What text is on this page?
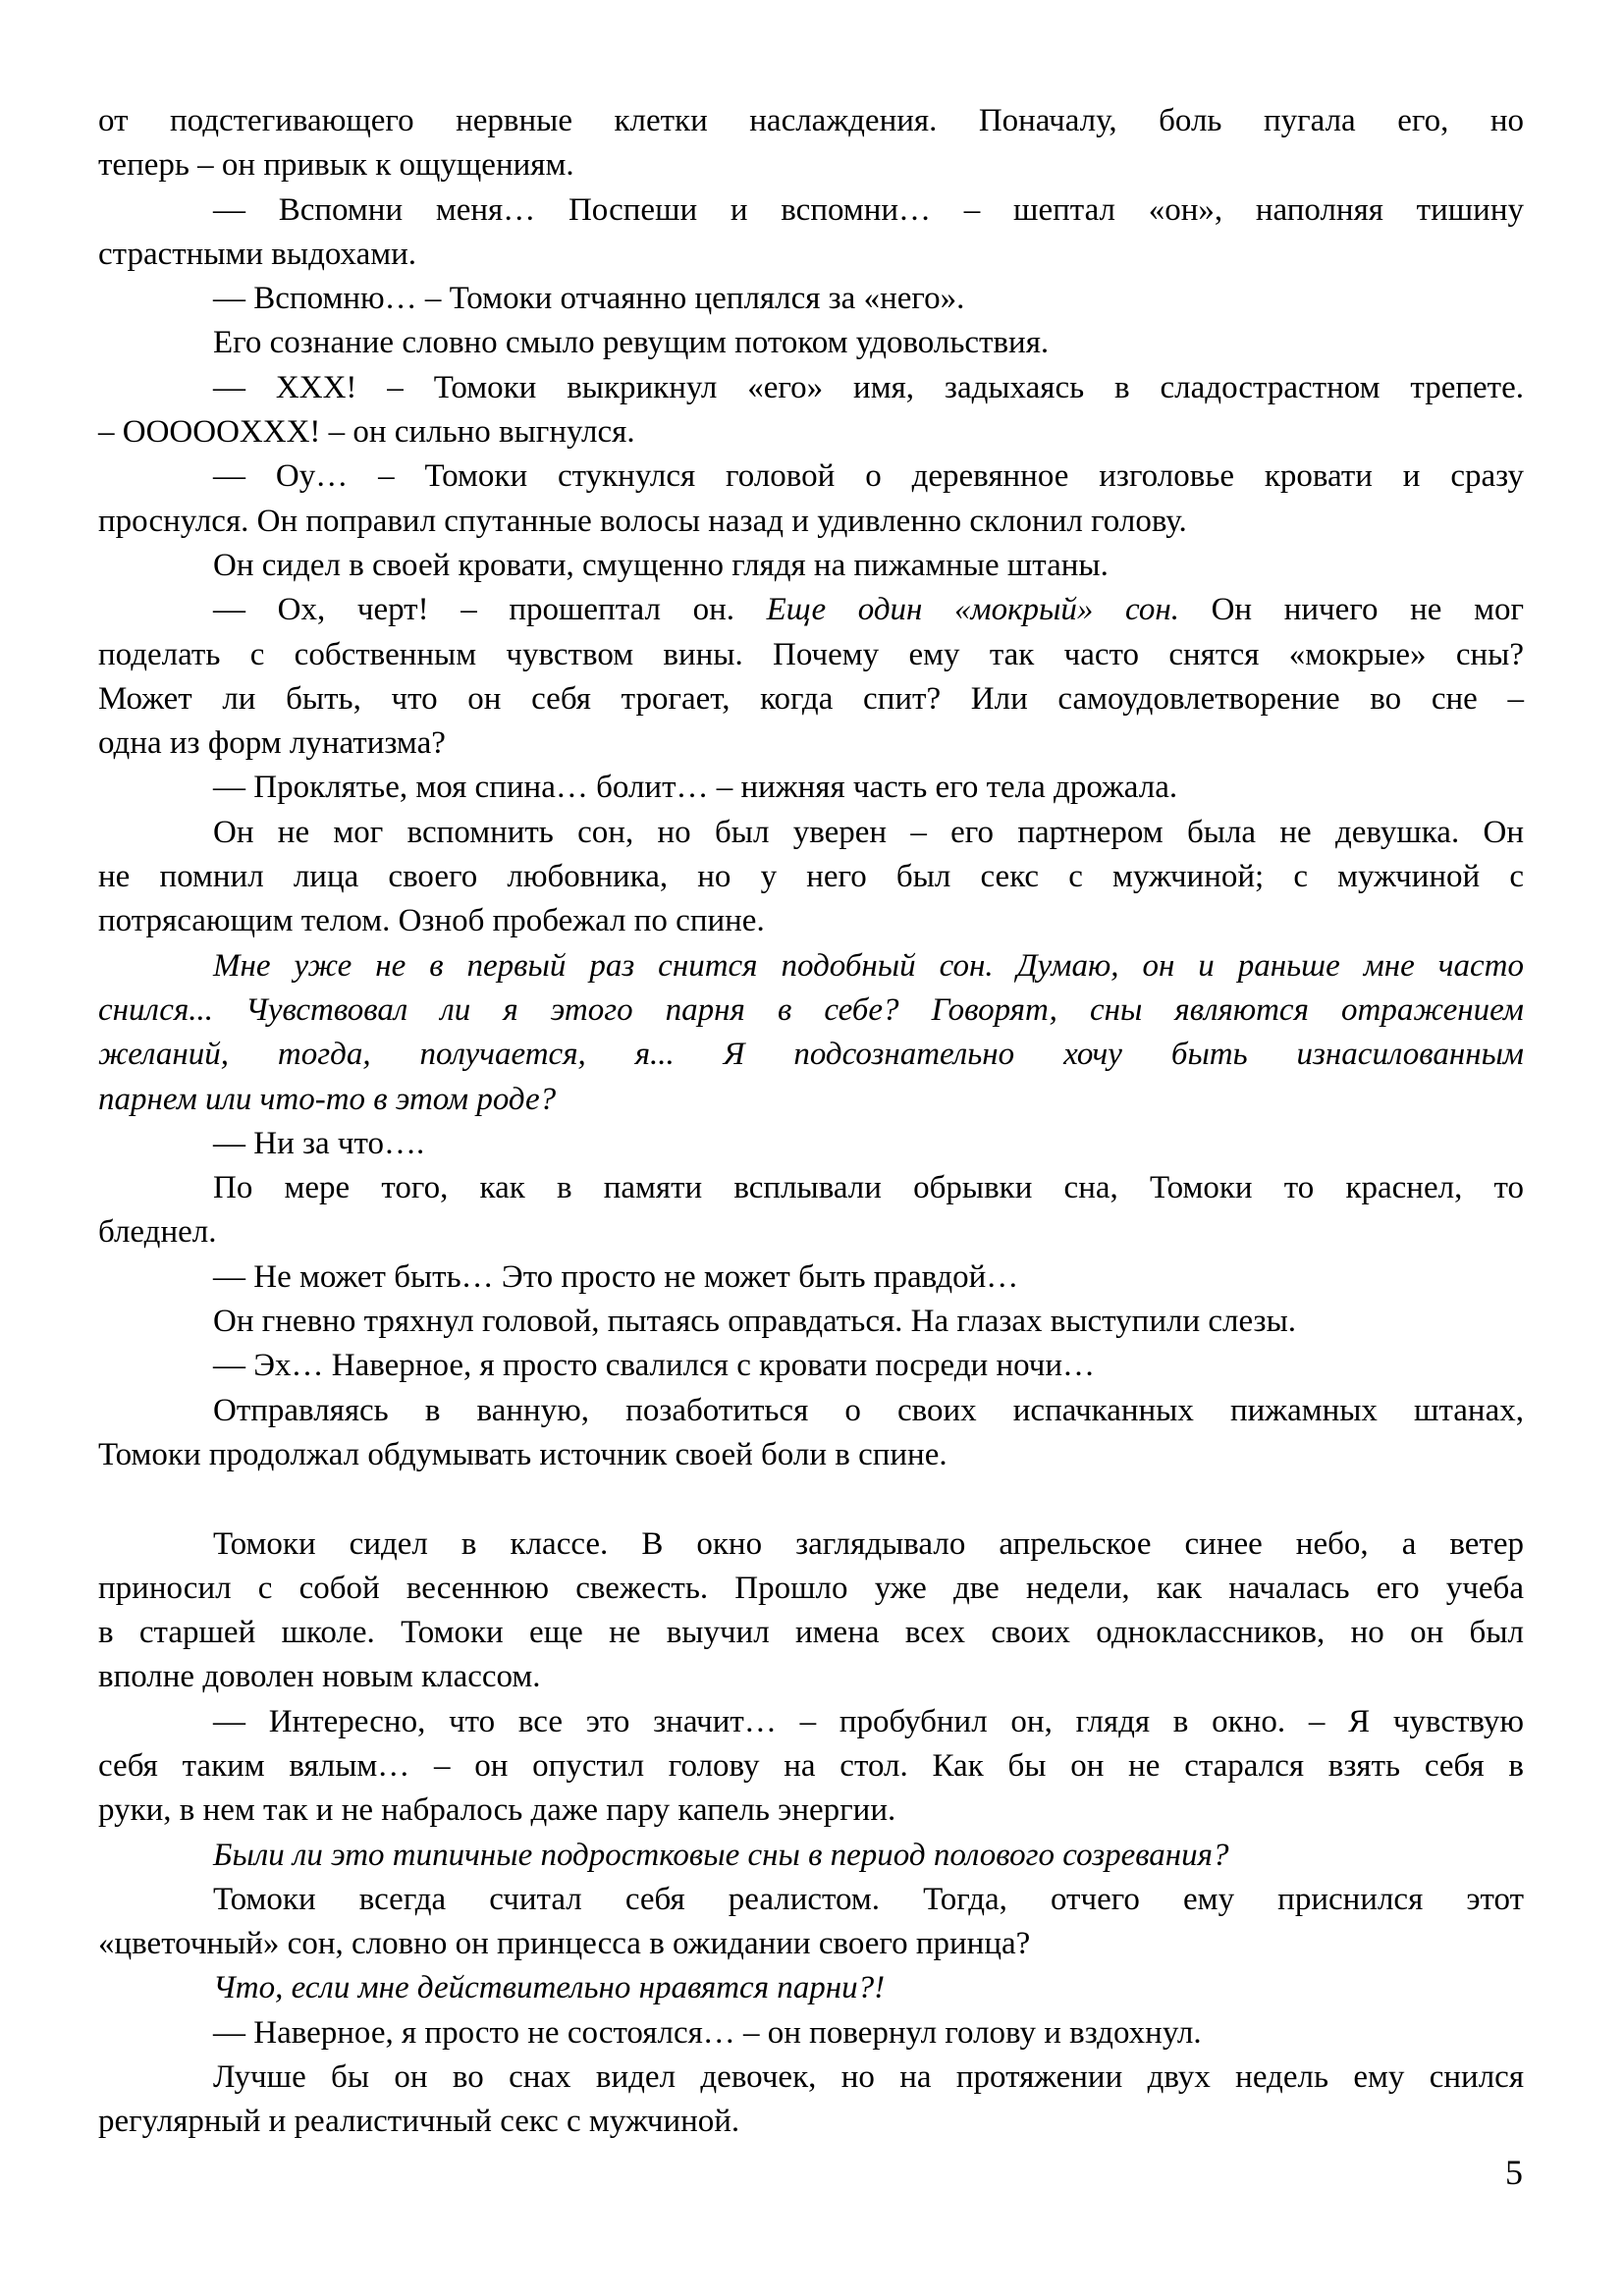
от подстегивающего нервные клетки наслаждения. Поначалу, боль пугала его, но
теперь – он привык к ощущениям.
— Вспомни меня… Поспеши и вспомни… – шептал «он», наполняя тишину
страстными выдохами.
— Вспомню… – Томоки отчаянно цеплялся за «него».
Его сознание словно смыло ревущим потоком удовольствия.
— XXX! – Томоки выкрикнул «его» имя, задыхаясь в сладострастном трепете.
– OOOOOXXX! – он сильно выгнулся.
— Оу… – Томоки стукнулся головой о деревянное изголовье кровати и сразу
проснулся. Он поправил спутанные волосы назад и удивленно склонил голову.
Он сидел в своей кровати, смущенно глядя на пижамные штаны.
— Ох, черт! – прошептал он. Еще один «мокрый» сон. Он ничего не мог
поделать с собственным чувством вины. Почему ему так часто снятся «мокрые» сны?
Может ли быть, что он себя трогает, когда спит? Или самоудовлетворение во сне –
одна из форм лунатизма?
— Проклятье, моя спина… болит… – нижняя часть его тела дрожала.
Он не мог вспомнить сон, но был уверен – его партнером была не девушка. Он
не помнил лица своего любовника, но у него был секс с мужчиной; с мужчиной с
потрясающим телом. Озноб пробежал по спине.
Мне уже не в первый раз снится подобный сон. Думаю, он и раньше мне часто
снился... Чувствовал ли я этого парня в себе? Говорят, сны являются отражением
желаний, тогда, получается, я... Я подсознательно хочу быть изнасилованным
парнем или что-то в этом роде?
— Ни за что….
По мере того, как в памяти всплывали обрывки сна, Томоки то краснел, то
бледнел.
— Не может быть… Это просто не может быть правдой…
Он гневно тряхнул головой, пытаясь оправдаться. На глазах выступили слезы.
— Эх… Наверное, я просто свалился с кровати посреди ночи…
Отправляясь в ванную, позаботиться о своих испачканных пижамных штанах,
Томоки продолжал обдумывать источник своей боли в спине.
Томоки сидел в классе. В окно заглядывало апрельское синее небо, а ветер
приносил с собой весеннюю свежесть. Прошло уже две недели, как началась его учеба
в старшей школе. Томоки еще не выучил имена всех своих одноклассников, но он был
вполне доволен новым классом.
— Интересно, что все это значит… – пробубнил он, глядя в окно. – Я чувствую
себя таким вялым… – он опустил голову на стол. Как бы он не старался взять себя в
руки, в нем так и не набралось даже пару капель энергии.
Были ли это типичные подростковые сны в период полового созревания?
Томоки всегда считал себя реалистом. Тогда, отчего ему приснился этот
«цветочный» сон, словно он принцесса в ожидании своего принца?
Что, если мне действительно нравятся парни?!
— Наверное, я просто не состоялся… – он повернул голову и вздохнул.
Лучше бы он во снах видел девочек, но на протяжении двух недель ему снился
регулярный и реалистичный секс с мужчиной.
5
